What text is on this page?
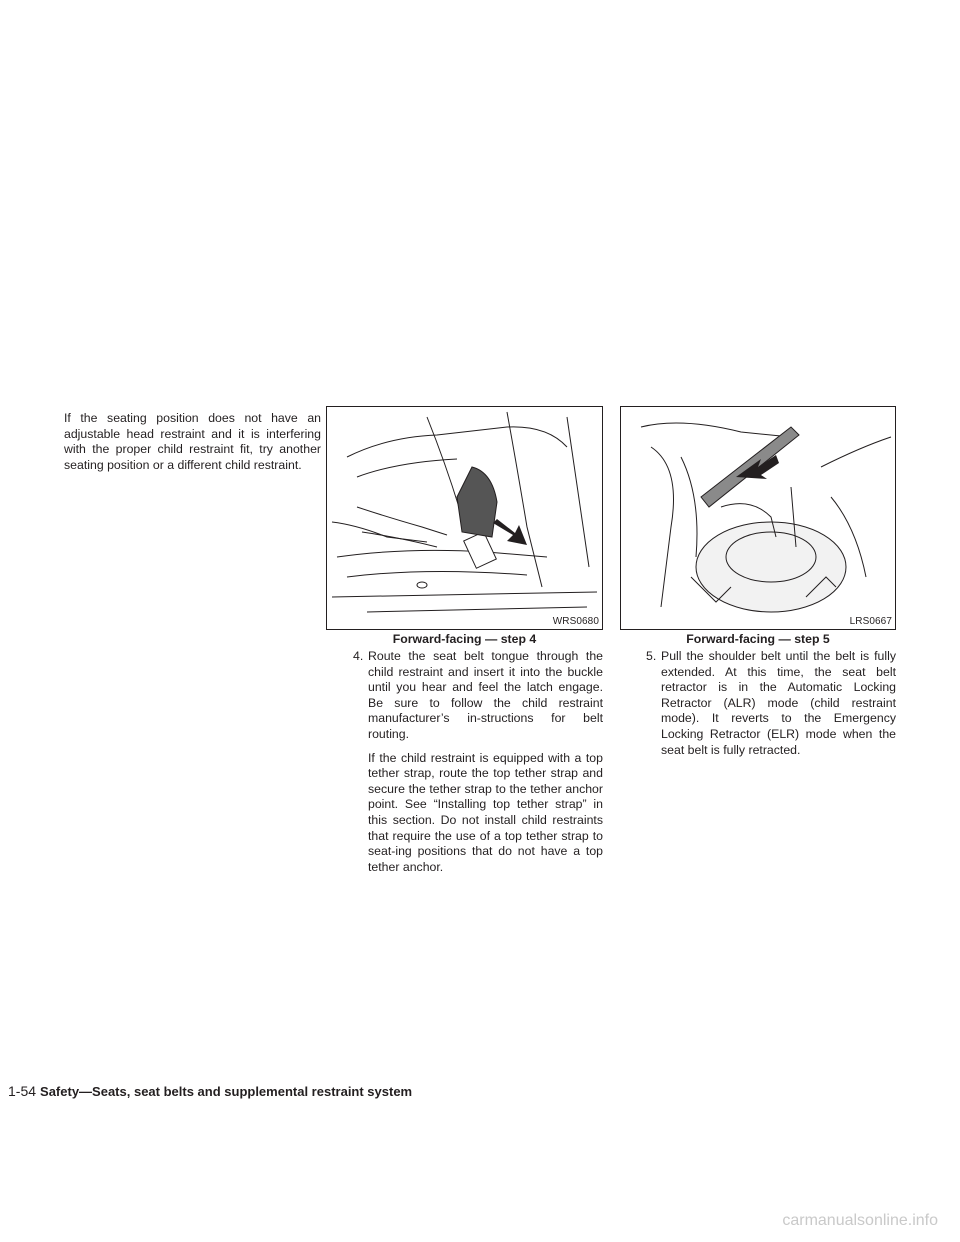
If the seating position does not have an adjustable head restraint and it is interfering with the proper child restraint fit, try another seating position or a different child restraint.
WRS0680
Forward-facing — step 4
LRS0667
Forward-facing — step 5
4. Route the seat belt tongue through the child restraint and insert it into the buckle until you hear and feel the latch engage. Be sure to follow the child restraint manufacturer’s in-structions for belt routing.

If the child restraint is equipped with a top tether strap, route the top tether strap and secure the tether strap to the tether anchor point. See “Installing top tether strap” in this section. Do not install child restraints that require the use of a top tether strap to seat-ing positions that do not have a top tether anchor.

5. Pull the shoulder belt until the belt is fully extended. At this time, the seat belt retractor is in the Automatic Locking Retractor (ALR) mode (child restraint mode). It reverts to the Emergency Locking Retractor (ELR) mode when the seat belt is fully retracted.

1-54 Safety—Seats, seat belts and supplemental restraint system
carmanualsonline.info
